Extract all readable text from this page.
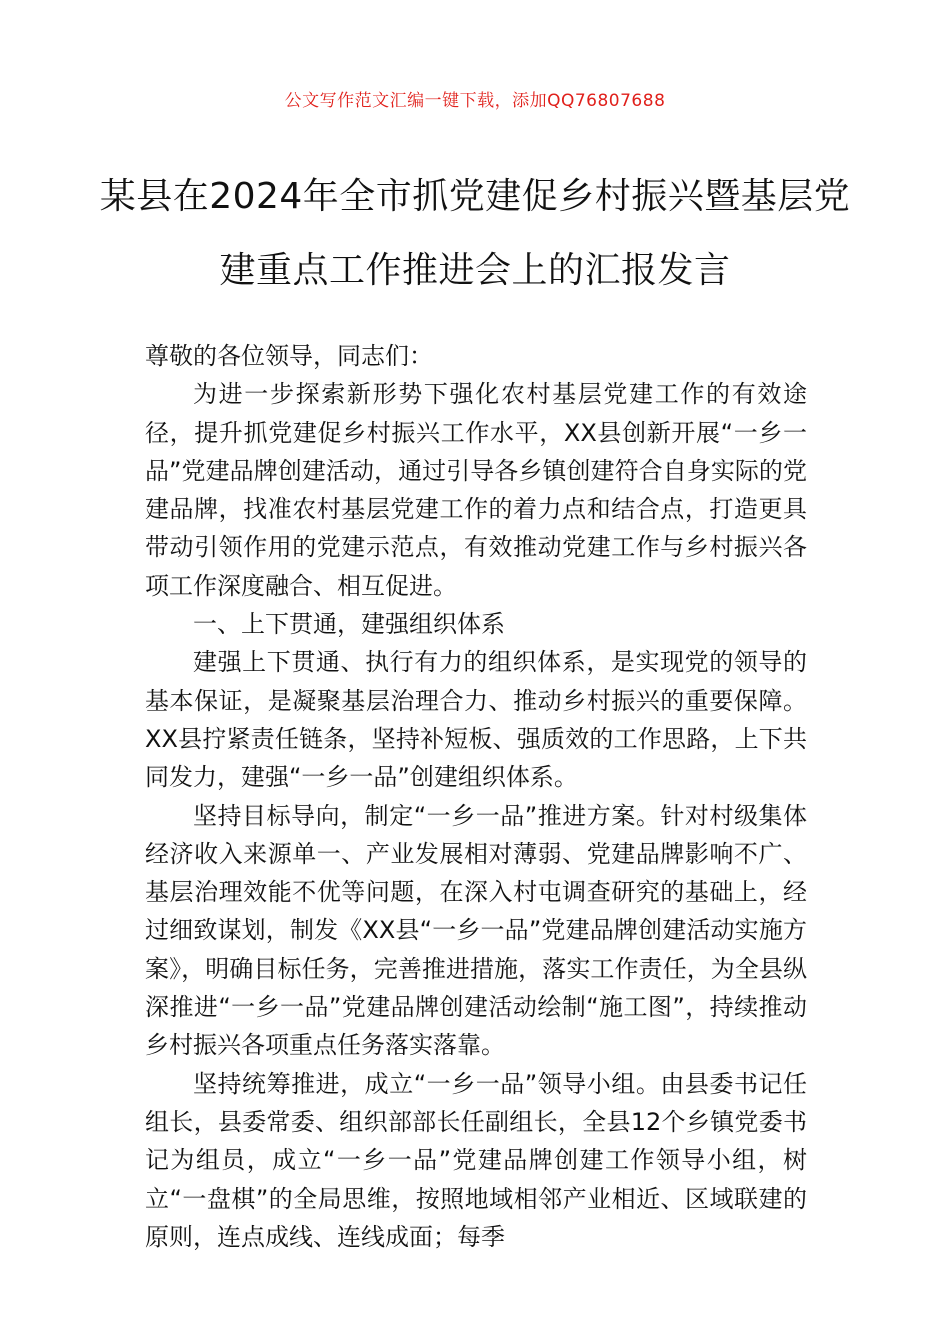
公文写作范文汇编一键下载，添加QQ76807688
某县在2024年全市抓党建促乡村振兴暨基层党建重点工作推进会上的汇报发言

尊敬的各位领导，同志们：

为进一步探索新形势下强化农村基层党建工作的有效途径，提升抓党建促乡村振兴工作水平，XX县创新开展“一乡一品”党建品牌创建活动，通过引导各乡镇创建符合自身实际的党建品牌，找准农村基层党建工作的着力点和结合点，打造更具带动引领作用的党建示范点，有效推动党建工作与乡村振兴各项工作深度融合、相互促进。

一、上下贯通，建强组织体系

建强上下贯通、执行有力的组织体系，是实现党的领导的基本保证，是凝聚基层治理合力、推动乡村振兴的重要保障。XX县拧紧责任链条，坚持补短板、强质效的工作思路，上下共同发力，建强“一乡一品”创建组织体系。

坚持目标导向，制定“一乡一品”推进方案。针对村级集体经济收入来源单一、产业发展相对薄弱、党建品牌影响不广、基层治理效能不优等问题，在深入村屯调查研究的基础上，经过细致谋划，制发《XX县“一乡一品”党建品牌创建活动实施方案》，明确目标任务，完善推进措施，落实工作责任，为全县纵深推进“一乡一品”党建品牌创建活动绘制“施工图”，持续推动乡村振兴各项重点任务落实落靠。

坚持统筹推进，成立“一乡一品”领导小组。由县委书记任组长，县委常委、组织部部长任副组长，全县12个乡镇党委书记为组员，成立“一乡一品”党建品牌创建工作领导小组，树立“一盘棋”的全局思维，按照地域相邻产业相近、区域联建的原则，连点成线、连线成面；每季
